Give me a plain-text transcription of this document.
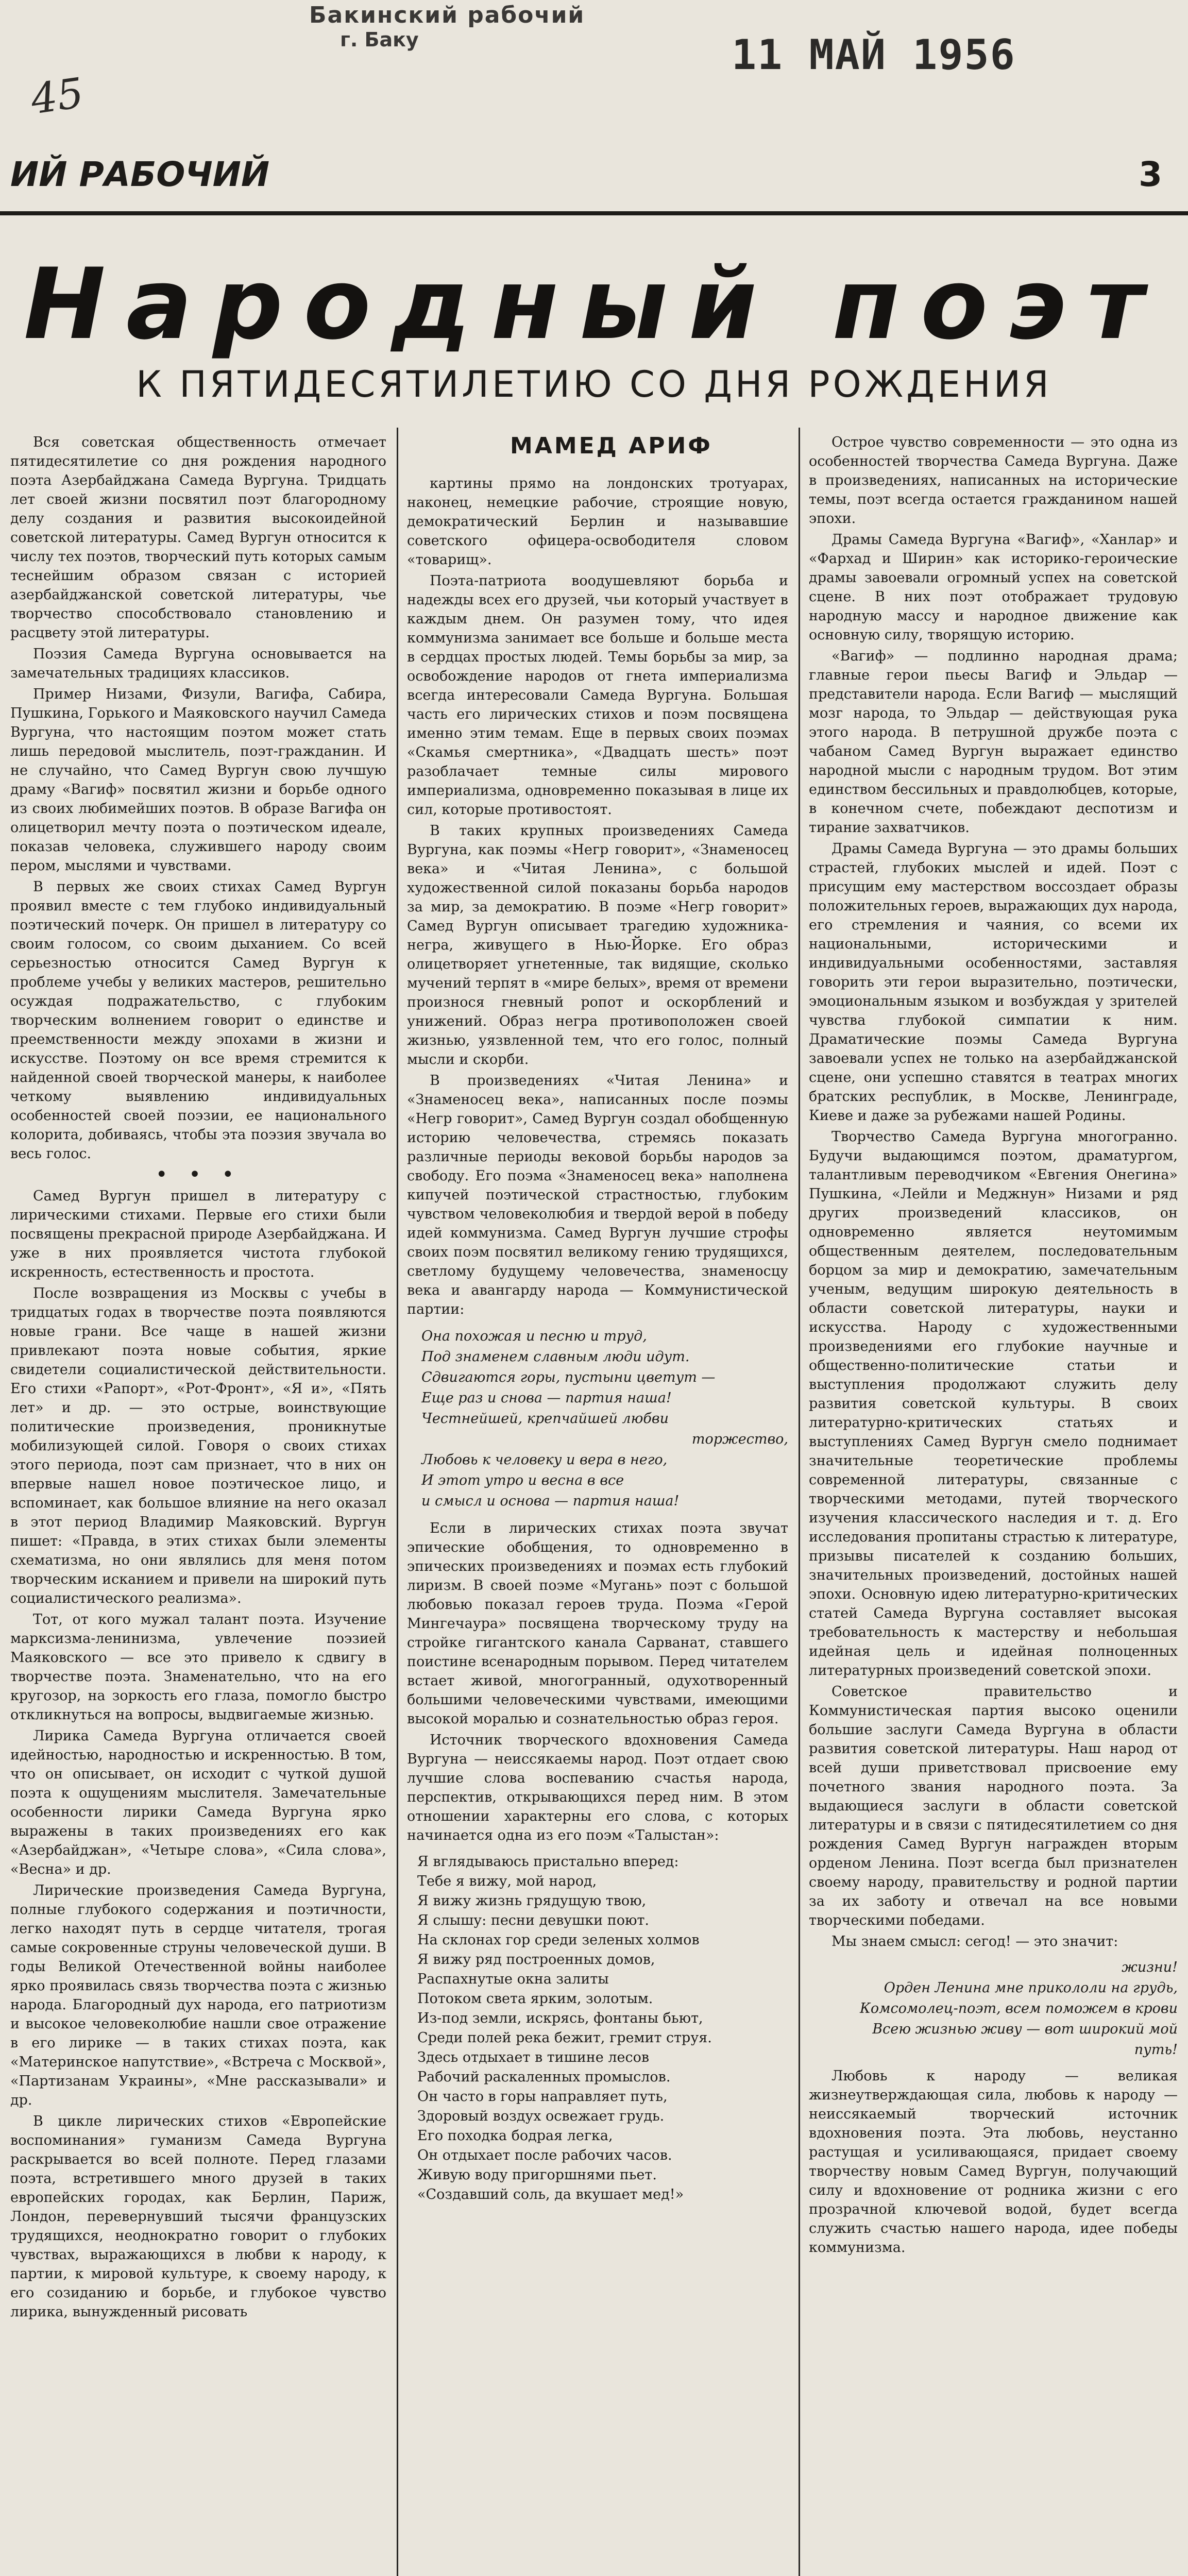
Бакинский рабочий
г. Баку	11 МАЙ 1956
45
ИЙ РАБОЧИЙ	3
Народный поэт
К ПЯТИДЕСЯТИЛЕТИЮ СО ДНЯ РОЖДЕНИЯ
МАМЕД АРИФ

Вся советская общественность отмечает пятидесятилетие со дня рождения народного поэта Азербайджана Самеда Вургуна. Тридцать лет своей жизни посвятил поэт благородному делу создания и развития высокоидейной советской литературы. Самед Вургун относится к числу тех поэтов, творческий путь которых самым теснейшим образом связан с историей азербайджанской советской литературы, чье творчество способствовало становлению и расцвету этой литературы.

Поэзия Самеда Вургуна основывается на замечательных традициях классиков.

Пример Низами, Физули, Вагифа, Сабира, Пушкина, Горького и Маяковского научил Самеда Вургуна, что настоящим поэтом может стать лишь передовой мыслитель, поэт-гражданин. И не случайно, что Самед Вургун свою лучшую драму «Вагиф» посвятил жизни и борьбе одного из своих любимейших поэтов. В образе Вагифа он олицетворил мечту поэта о поэтическом идеале, показав человека, служившего народу своим пером, мыслями и чувствами.

В первых же своих стихах Самед Вургун проявил вместе с тем глубоко индивидуальный поэтический почерк. Он пришел в литературу со своим голосом, со своим дыханием. Со всей серьезностью относится Самед Вургун к проблеме учебы у великих мастеров, решительно осуждая подражательство, с глубоким творческим волнением говорит о единстве и преемственности между эпохами в жизни и искусстве. Поэтому он все время стремится к найденной своей творческой манеры, к наиболее четкому выявлению индивидуальных особенностей своей поэзии, ее национального колорита, добиваясь, чтобы эта поэзия звучала во весь голос.

• • •

Самед Вургун пришел в литературу с лирическими стихами. Первые его стихи были посвящены прекрасной природе Азербайджана. И уже в них проявляется чистота глубокой искренность, естественность и простота.

После возвращения из Москвы с учебы в тридцатых годах в творчестве поэта появляются новые грани. Все чаще в нашей жизни привлекают поэта новые события, яркие свидетели социалистической действительности. Его стихи «Рапорт», «Рот-Фронт», «Я и», «Пять лет» и др. — это острые, воинствующие политические произведения, проникнутые мобилизующей силой. Говоря о своих стихах этого периода, поэт сам признает, что в них он впервые нашел новое поэтическое лицо, и вспоминает, как большое влияние на него оказал в этот период Владимир Маяковский. Вургун пишет: «Правда, в этих стихах были элементы схематизма, но они являлись для меня потом творческим исканием и привели на широкий путь социалистического реализма».

Тот, от кого мужал талант поэта. Изучение марксизма-ленинизма, увлечение поэзией Маяковского — все это привело к сдвигу в творчестве поэта. Знаменательно, что на его кругозор, на зоркость его глаза, помогло быстро откликнуться на вопросы, выдвигаемые жизнью.

Лирика Самеда Вургуна отличается своей идейностью, народностью и искренностью. В том, что он описывает, он исходит с чуткой душой поэта к ощущениям мыслителя. Замечательные особенности лирики Самеда Вургуна ярко выражены в таких произведениях его как «Азербайджан», «Четыре слова», «Сила слова», «Весна» и др.

Лирические произведения Самеда Вургуна, полные глубокого содержания и поэтичности, легко находят путь в сердце читателя, трогая самые сокровенные струны человеческой души. В годы Великой Отечественной войны наиболее ярко проявилась связь творчества поэта с жизнью народа. Благородный дух народа, его патриотизм и высокое человеколюбие нашли свое отражение в его лирике — в таких стихах поэта, как «Материнское напутствие», «Встреча с Москвой», «Партизанам Украины», «Мне рассказывали» и др.

В цикле лирических стихов «Европейские воспоминания» гуманизм Самеда Вургуна раскрывается во всей полноте. Перед глазами поэта, встретившего много друзей в таких европейских городах, как Берлин, Париж, Лондон, перевернувший тысячи французских трудящихся, неоднократно говорит о глубоких чувствах, выражающихся в любви к народу, к партии, к мировой культуре, к своему народу, к его созиданию и борьбе, и глубокое чувство лирика, вынужденный рисовать

картины прямо на лондонских тротуарах, наконец, немецкие рабочие, строящие новую, демократический Берлин и называвшие советского офицера-освободителя словом «товарищ».

Поэта-патриота воодушевляют борьба и надежды всех его друзей, чьи который участвует в каждым днем. Он разумен тому, что идея коммунизма занимает все больше и больше места в сердцах простых людей. Темы борьбы за мир, за освобождение народов от гнета империализма всегда интересовали Самеда Вургуна. Большая часть его лирических стихов и поэм посвящена именно этим темам. Еще в первых своих поэмах «Скамья смертника», «Двадцать шесть» поэт разоблачает темные силы мирового империализма, одновременно показывая в лице их сил, которые противостоят.

В таких крупных произведениях Самеда Вургуна, как поэмы «Негр говорит», «Знаменосец века» и «Читая Ленина», с большой художественной силой показаны борьба народов за мир, за демократию. В поэме «Негр говорит» Самед Вургун описывает трагедию художника-негра, живущего в Нью-Йорке. Его образ олицетворяет угнетенные, так видящие, сколько мучений терпят в «мире белых», время от времени произнося гневный ропот и оскорблений и унижений. Образ негра противоположен своей жизнью, уязвленной тем, что его голос, полный мысли и скорби.

В произведениях «Читая Ленина» и «Знаменосец века», написанных после поэмы «Негр говорит», Самед Вургун создал обобщенную историю человечества, стремясь показать различные периоды вековой борьбы народов за свободу. Его поэма «Знаменосец века» наполнена кипучей поэтической страстностью, глубоким чувством человеколюбия и твердой верой в победу идей коммунизма. Самед Вургун лучшие строфы своих поэм посвятил великому гению трудящихся, светлому будущему человечества, знаменосцу века и авангарду народа — Коммунистической партии:

Она похожая и песню и труд,
Под знаменем славным люди идут.
Сдвигаются горы, пустыни цветут —
Еще раз и снова — партия наша!
Честнейшей, крепчайшей любви
торжество,
Любовь к человеку и вера в него,
И этот утро и весна в все
и смысл и основа — партия наша!

Если в лирических стихах поэта звучат эпические обобщения, то одновременно в эпических произведениях и поэмах есть глубокий лиризм. В своей поэме «Мугань» поэт с большой любовью показал героев труда. Поэма «Герой Мингечаура» посвящена творческому труду на стройке гигантского канала Сарванат, ставшего поистине всенародным порывом. Перед читателем встает живой, многогранный, одухотворенный большими человеческими чувствами, имеющими высокой моралью и сознательностью образ героя.

Источник творческого вдохновения Самеда Вургуна — неиссякаемы народ. Поэт отдает свою лучшие слова воспеванию счастья народа, перспектив, открывающихся перед ним. В этом отношении характерны его слова, с которых начинается одна из его поэм «Талыстан»:

Я вглядываюсь пристально вперед:
Тебе я вижу, мой народ,
Я вижу жизнь грядущую твою,
Я слышу: песни девушки поют.
На склонах гор среди зеленых холмов
Я вижу ряд построенных домов,
Распахнутые окна залиты
Потоком света ярким, золотым.
Из-под земли, искрясь, фонтаны бьют,
Среди полей река бежит, гремит струя.
Здесь отдыхает в тишине лесов
Рабочий раскаленных промыслов.
Он часто в горы направляет путь,
Здоровый воздух освежает грудь.
Его походка бодрая легка,
Он отдыхает после рабочих часов.
Живую воду пригоршнями пьет.
«Создавший соль, да вкушает мед!»

Острое чувство современности — это одна из особенностей творчества Самеда Вургуна. Даже в произведениях, написанных на исторические темы, поэт всегда остается гражданином нашей эпохи.

Драмы Самеда Вургуна «Вагиф», «Ханлар» и «Фархад и Ширин» как историко-героические драмы завоевали огромный успех на советской сцене. В них поэт отображает трудовую народную массу и народное движение как основную силу, творящую историю.

«Вагиф» — подлинно народная драма; главные герои пьесы Вагиф и Эльдар — представители народа. Если Вагиф — мыслящий мозг народа, то Эльдар — действующая рука этого народа. В петрушной дружбе поэта с чабаном Самед Вургун выражает единство народной мысли с народным трудом. Вот этим единством бессильных и правдолюбцев, которые, в конечном счете, побеждают деспотизм и тирание захватчиков.

Драмы Самеда Вургуна — это драмы больших страстей, глубоких мыслей и идей. Поэт с присущим ему мастерством воссоздает образы положительных героев, выражающих дух народа, его стремления и чаяния, со всеми их национальными, историческими и индивидуальными особенностями, заставляя говорить эти герои выразительно, поэтически, эмоциональным языком и возбуждая у зрителей чувства глубокой симпатии к ним. Драматические поэмы Самеда Вургуна завоевали успех не только на азербайджанской сцене, они успешно ставятся в театрах многих братских республик, в Москве, Ленинграде, Киеве и даже за рубежами нашей Родины.

Творчество Самеда Вургуна многогранно. Будучи выдающимся поэтом, драматургом, талантливым переводчиком «Евгения Онегина» Пушкина, «Лейли и Меджнун» Низами и ряд других произведений классиков, он одновременно является неутомимым общественным деятелем, последовательным борцом за мир и демократию, замечательным ученым, ведущим широкую деятельность в области советской литературы, науки и искусства. Народу с художественными произведениями его глубокие научные и общественно-политические статьи и выступления продолжают служить делу развития советской культуры. В своих литературно-критических статьях и выступлениях Самед Вургун смело поднимает значительные теоретические проблемы современной литературы, связанные с творческими методами, путей творческого изучения классического наследия и т. д. Его исследования пропитаны страстью к литературе, призывы писателей к созданию больших, значительных произведений, достойных нашей эпохи. Основную идею литературно-критических статей Самеда Вургуна составляет высокая требовательность к мастерству и небольшая идейная цель и идейная полноценных литературных произведений советской эпохи.

Советское правительство и Коммунистическая партия высоко оценили большие заслуги Самеда Вургуна в области развития советской литературы. Наш народ от всей души приветствовал присвоение ему почетного звания народного поэта. За выдающиеся заслуги в области советской литературы и в связи с пятидесятилетием со дня рождения Самед Вургун награжден вторым орденом Ленина. Поэт всегда был признателен своему народу, правительству и родной партии за их заботу и отвечал на все новыми творческими победами.

Мы знаем смысл: сегод! — это значит:

жизни!
Орден Ленина мне прикололи на грудь,
Комсомолец-поэт, всем поможем в крови
Всею жизнью живу — вот широкий мой
путь!

Любовь к народу — великая жизнеутверждающая сила, любовь к народу — неиссякаемый творческий источник вдохновения поэта. Эта любовь, неустанно растущая и усиливающаяся, придает своему творчеству новым Самед Вургун, получающий силу и вдохновение от родника жизни с его прозрачной ключевой водой, будет всегда служить счастью нашего народа, идее победы коммунизма.
